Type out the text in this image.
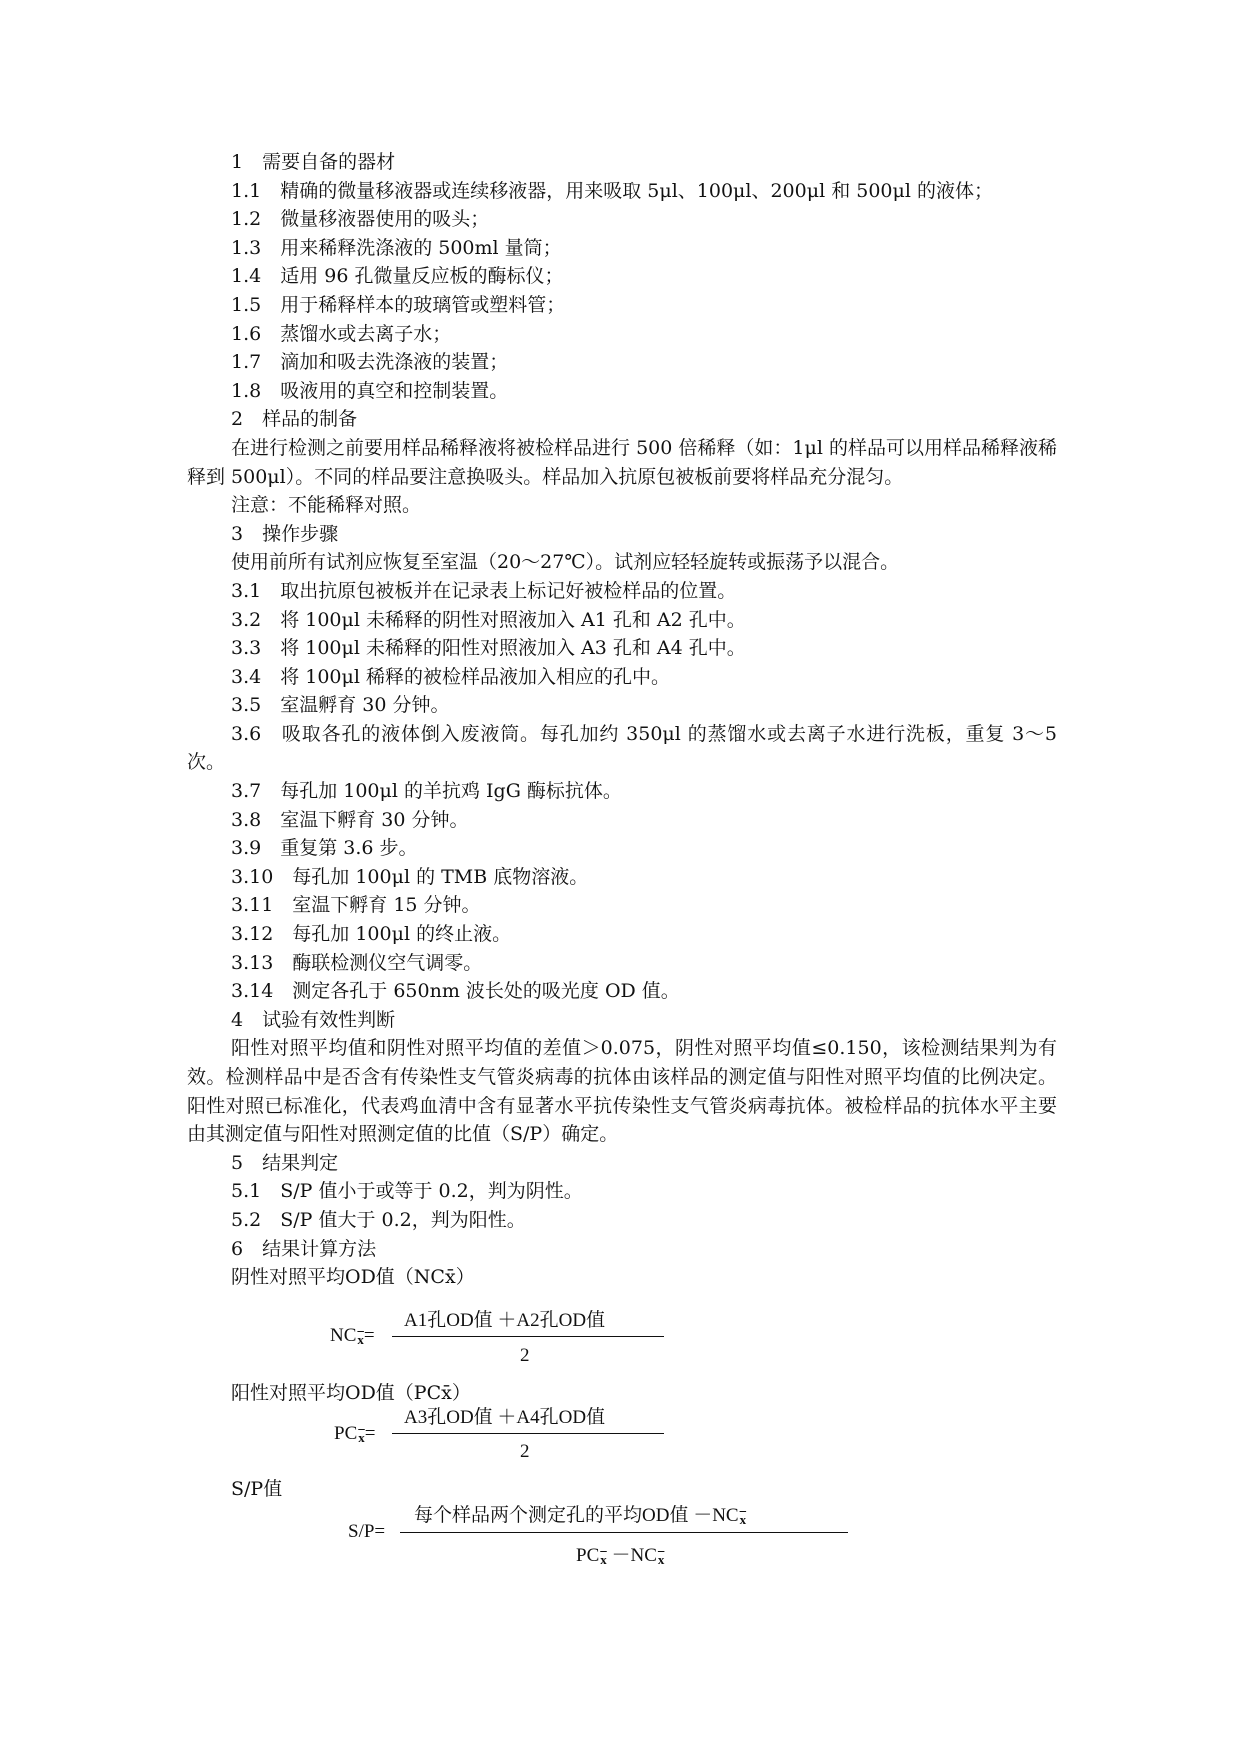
1　需要自备的器材
1.1　精确的微量移液器或连续移液器，用来吸取 5μl、100μl、200μl 和 500μl 的液体；
1.2　微量移液器使用的吸头；
1.3　用来稀释洗涤液的 500ml 量筒；
1.4　适用 96 孔微量反应板的酶标仪；
1.5　用于稀释样本的玻璃管或塑料管；
1.6　蒸馏水或去离子水；
1.7　滴加和吸去洗涤液的装置；
1.8　吸液用的真空和控制装置。
2　样品的制备

在进行检测之前要用样品稀释液将被检样品进行 500 倍稀释（如：1μl 的样品可以用样品稀释液稀释到 500μl）。不同的样品要注意换吸头。样品加入抗原包被板前要将样品充分混匀。

注意：不能稀释对照。
3　操作步骤
使用前所有试剂应恢复至室温（20～27℃）。试剂应轻轻旋转或振荡予以混合。
3.1　取出抗原包被板并在记录表上标记好被检样品的位置。
3.2　将 100μl 未稀释的阴性对照液加入 A1 孔和 A2 孔中。
3.3　将 100μl 未稀释的阳性对照液加入 A3 孔和 A4 孔中。
3.4　将 100μl 稀释的被检样品液加入相应的孔中。
3.5　室温孵育 30 分钟。

3.6　吸取各孔的液体倒入废液筒。每孔加约 350μl 的蒸馏水或去离子水进行洗板，重复 3～5 次。

3.7　每孔加 100μl 的羊抗鸡 IgG 酶标抗体。
3.8　室温下孵育 30 分钟。
3.9　重复第 3.6 步。
3.10　每孔加 100μl 的 TMB 底物溶液。
3.11　室温下孵育 15 分钟。
3.12　每孔加 100μl 的终止液。
3.13　酶联检测仪空气调零。
3.14　测定各孔于 650nm 波长处的吸光度 OD 值。
4　试验有效性判断

阳性对照平均值和阴性对照平均值的差值＞0.075，阴性对照平均值≤0.150，该检测结果判为有效。检测样品中是否含有传染性支气管炎病毒的抗体由该样品的测定值与阳性对照平均值的比例决定。阳性对照已标准化，代表鸡血清中含有显著水平抗传染性支气管炎病毒抗体。被检样品的抗体水平主要由其测定值与阳性对照测定值的比值（S/P）确定。

5　结果判定
5.1　S/P 值小于或等于 0.2，判为阴性。
5.2　S/P 值大于 0.2，判为阳性。
6　结果计算方法
阴性对照平均OD值（NCx̄）
$NC\overline{x}=$
A1孔OD值 ＋A2孔OD值
2
阳性对照平均OD值（PCx̄）
$PC\overline{x}=$
A3孔OD值 ＋A4孔OD值
2
S/P值
S/P=
每个样品两个测定孔的平均OD值 $-NC\overline{x}$
$PC\overline{x} -NC\overline{x}$
